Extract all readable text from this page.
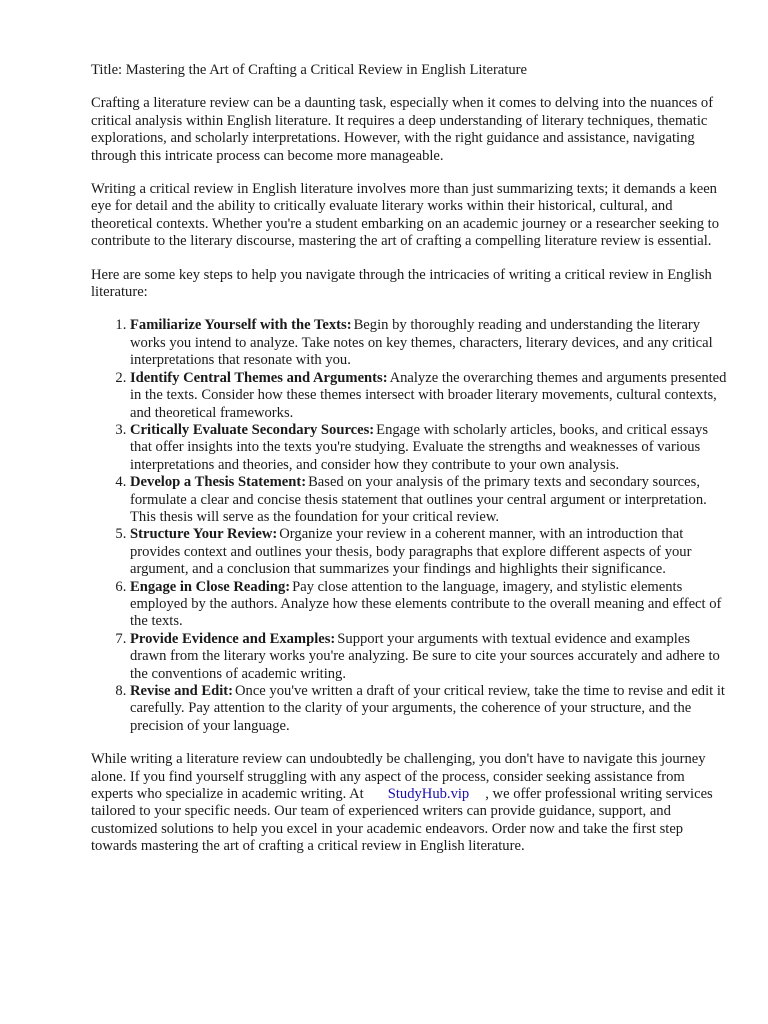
Title: Mastering the Art of Crafting a Critical Review in English Literature

Crafting a literature review can be a daunting task, especially when it comes to delving into the nuances of critical analysis within English literature. It requires a deep understanding of literary techniques, thematic explorations, and scholarly interpretations. However, with the right guidance and assistance, navigating through this intricate process can become more manageable.

Writing a critical review in English literature involves more than just summarizing texts; it demands a keen eye for detail and the ability to critically evaluate literary works within their historical, cultural, and theoretical contexts. Whether you're a student embarking on an academic journey or a researcher seeking to contribute to the literary discourse, mastering the art of crafting a compelling literature review is essential.

Here are some key steps to help you navigate through the intricacies of writing a critical review in English literature:

1. Familiarize Yourself with the Texts: Begin by thoroughly reading and understanding the literary works you intend to analyze. Take notes on key themes, characters, literary devices, and any critical interpretations that resonate with you.
2. Identify Central Themes and Arguments: Analyze the overarching themes and arguments presented in the texts. Consider how these themes intersect with broader literary movements, cultural contexts, and theoretical frameworks.
3. Critically Evaluate Secondary Sources: Engage with scholarly articles, books, and critical essays that offer insights into the texts you're studying. Evaluate the strengths and weaknesses of various interpretations and theories, and consider how they contribute to your own analysis.
4. Develop a Thesis Statement: Based on your analysis of the primary texts and secondary sources, formulate a clear and concise thesis statement that outlines your central argument or interpretation. This thesis will serve as the foundation for your critical review.
5. Structure Your Review: Organize your review in a coherent manner, with an introduction that provides context and outlines your thesis, body paragraphs that explore different aspects of your argument, and a conclusion that summarizes your findings and highlights their significance.
6. Engage in Close Reading: Pay close attention to the language, imagery, and stylistic elements employed by the authors. Analyze how these elements contribute to the overall meaning and effect of the texts.
7. Provide Evidence and Examples: Support your arguments with textual evidence and examples drawn from the literary works you're analyzing. Be sure to cite your sources accurately and adhere to the conventions of academic writing.
8. Revise and Edit: Once you've written a draft of your critical review, take the time to revise and edit it carefully. Pay attention to the clarity of your arguments, the coherence of your structure, and the precision of your language.

While writing a literature review can undoubtedly be challenging, you don't have to navigate this journey alone. If you find yourself struggling with any aspect of the process, consider seeking assistance from experts who specialize in academic writing. At StudyHub.vip , we offer professional writing services tailored to your specific needs. Our team of experienced writers can provide guidance, support, and customized solutions to help you excel in your academic endeavors. Order now and take the first step towards mastering the art of crafting a critical review in English literature.
